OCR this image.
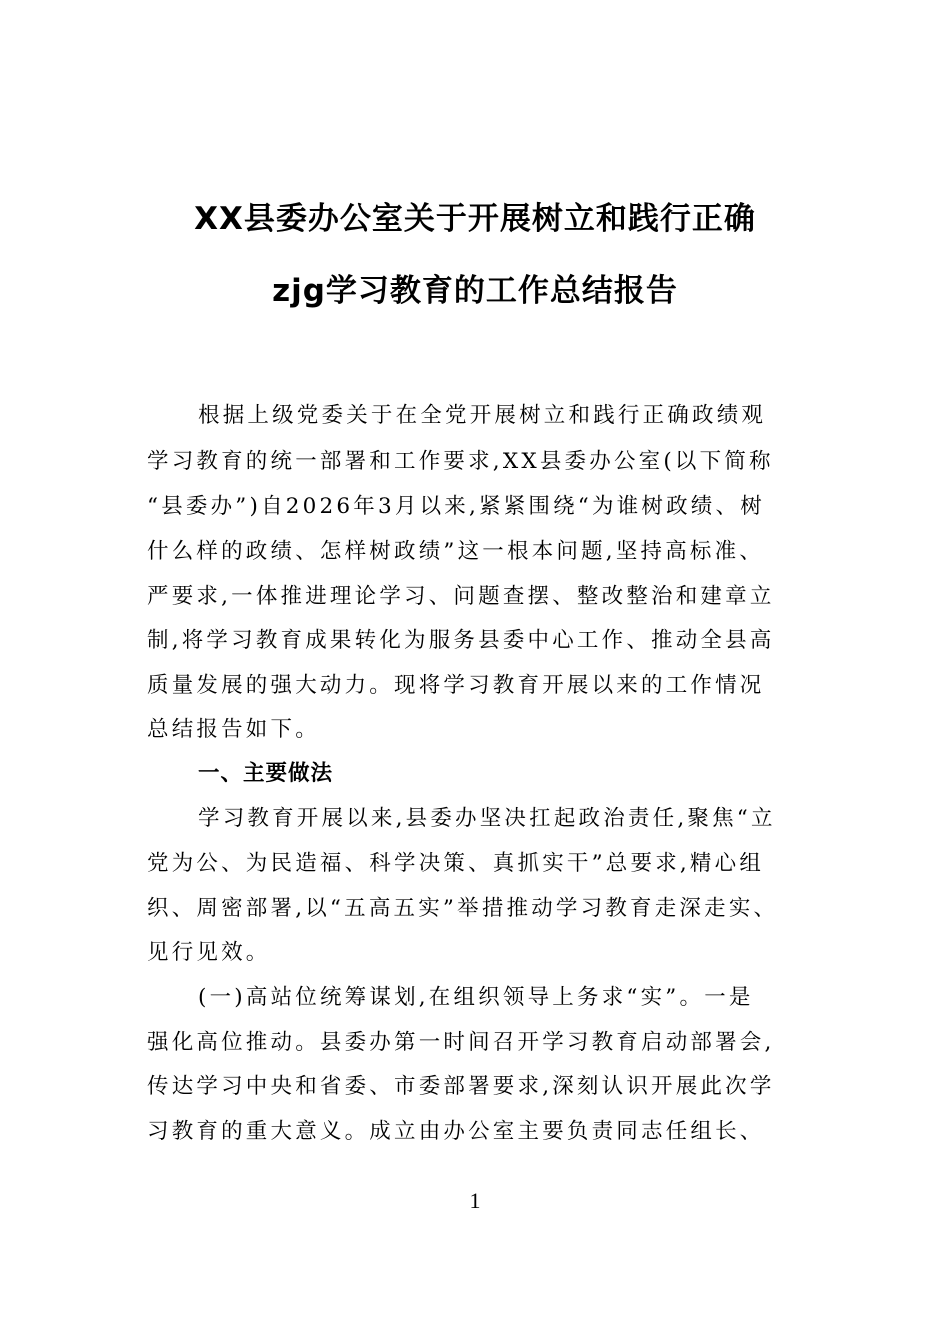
XX县委办公室关于开展树立和践行正确
zjg学习教育的工作总结报告
根据上级党委关于在全党开展树立和践行正确政绩观
学习教育的统一部署和工作要求,XX县委办公室(以下简称
“县委办”)自2026年3月以来,紧紧围绕“为谁树政绩、树
什么样的政绩、怎样树政绩”这一根本问题,坚持高标准、
严要求,一体推进理论学习、问题查摆、整改整治和建章立
制,将学习教育成果转化为服务县委中心工作、推动全县高
质量发展的强大动力。现将学习教育开展以来的工作情况
总结报告如下。
一、主要做法
学习教育开展以来,县委办坚决扛起政治责任,聚焦“立
党为公、为民造福、科学决策、真抓实干”总要求,精心组
织、周密部署,以“五高五实”举措推动学习教育走深走实、
见行见效。
(一)高站位统筹谋划,在组织领导上务求“实”。一是
强化高位推动。县委办第一时间召开学习教育启动部署会,
传达学习中央和省委、市委部署要求,深刻认识开展此次学
习教育的重大意义。成立由办公室主要负责同志任组长、
1
